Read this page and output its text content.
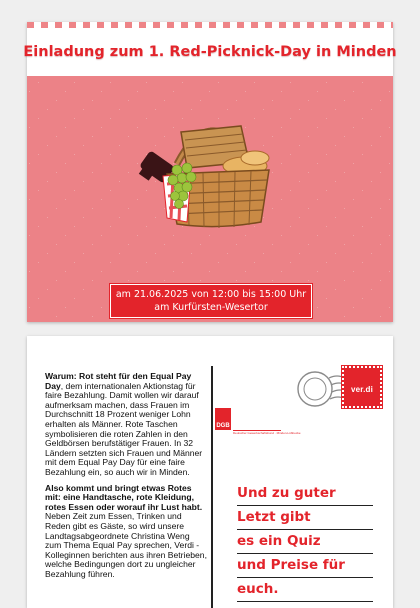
Einladung zum 1. Red-Picknick-Day in Minden
am 21.06.2025 von 12:00 bis 15:00 Uhr
am Kurfürsten-Wesertor

Warum: Rot steht für den Equal Pay Day, dem internationalen Aktionstag für faire Bezahlung. Damit wollen wir darauf aufmerksam machen, dass Frauen im Durchschnitt 18 Prozent weniger Lohn erhalten als Männer. Rote Taschen symbolisieren die roten Zahlen in den Geldbörsen berufstätiger Frauen. In 32 Ländern setzten sich Frauen und Männer mit dem Equal Pay Day für eine faire Bezahlung ein, so auch wir in Minden.

Also kommt und bringt etwas Rotes mit: eine Handtasche, rote Kleidung, rotes Essen oder worauf ihr Lust habt.
Neben Zeit zum Essen, Trinken und Reden gibt es Gäste, so wird unsere Landtagsabgeordnete Christina Weng zum Thema Equal Pay sprechen, Verdi - Kolleginnen berichten aus ihren Betrieben, welche Bedingungen dort zu ungleicher Bezahlung führen.

DGB
Deutscher Gewerkschaftsbund · Minden-Lübbecke
ver.di
Und zu guter
Letzt gibt
es ein Quiz
und Preise für
euch.
